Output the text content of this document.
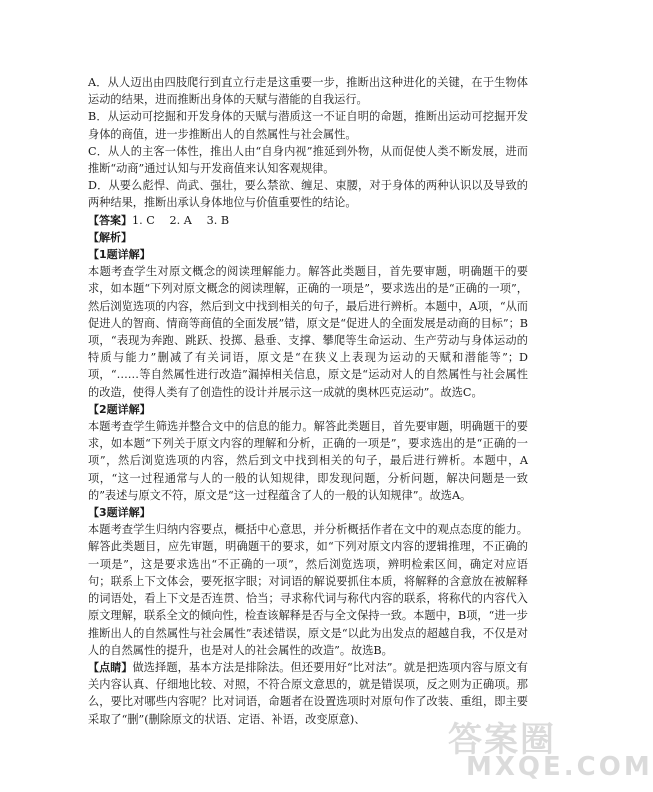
A．从人迈出由四肢爬行到直立行走是这重要一步，推断出这种进化的关键，在于生物体运动的结果，进而推断出身体的天赋与潜能的自我运行。

B．从运动可挖掘和开发身体的天赋与潜质这一不证自明的命题，推断出运动可挖掘开发身体的商值，进一步推断出人的自然属性与社会属性。

C．从人的主客一体性，推出人由“自身内视”推延到外物，从而促使人类不断发展，进而推断“动商”通过认知与开发商值来认知客观规律。

D．从要么彪悍、尚武、强壮，要么禁欲、缠足、束腰，对于身体的两种认识以及导致的两种结果，推断出承认身体地位与价值重要性的结论。

【答案】1. C　 2. A　 3. B

【解析】

【1题详解】

本题考查学生对原文概念的阅读理解能力。解答此类题目，首先要审题，明确题干的要求，如本题“下列对原文概念的阅读理解，正确的一项是”，要求选出的是“正确的一项”，然后浏览选项的内容，然后到文中找到相关的句子，最后进行辨析。本题中，A项，“从而促进人的智商、情商等商值的全面发展”错，原文是“促进人的全面发展是动商的目标”；B项，“表现为奔跑、跳跃、投掷、悬垂、支撑、攀爬等生命运动、生产劳动与身体运动的特质与能力”删减了有关词语，原文是“在狭义上表现为运动的天赋和潜能等”；D项，“……等自然属性进行改造”漏掉相关信息，原文是“运动对人的自然属性与社会属性的改造，使得人类有了创造性的设计并展示这一成就的奥林匹克运动”。故选C。

【2题详解】

本题考查学生筛选并整合文中的信息的能力。解答此类题目，首先要审题，明确题干的要求，如本题“下列关于原文内容的理解和分析，正确的一项是”，要求选出的是“正确的一项”，然后浏览选项的内容，然后到文中找到相关的句子，最后进行辨析。本题中，A项，“这一过程通常与人的一般的认知规律，即发现问题，分析问题，解决问题是一致的”表述与原文不符，原文是“这一过程蕴含了人的一般的认知规律”。故选A。

【3题详解】

本题考查学生归纳内容要点，概括中心意思，并分析概括作者在文中的观点态度的能力。解答此类题目，应先审题，明确题干的要求，如“下列对原文内容的逻辑推理，不正确的一项是”，这是要求选出“不正确的一项”，然后浏览选项，辨明检索区间，确定对应语句；联系上下文体会，要死抠字眼；对词语的解说要抓住本质，将解释的含意放在被解释的词语处，看上下文是否连贯、恰当；寻求称代词与称代内容的联系，将称代的内容代入原文理解，联系全文的倾向性，检查该解释是否与全文保持一致。本题中，B项，“进一步推断出人的自然属性与社会属性”表述错误，原文是“以此为出发点的超越自我，不仅是对人的自然属性的提升，也是对人的社会属性的改造”。故选B。

【点睛】做选择题，基本方法是排除法。但还要用好“比对法”。就是把选项内容与原文有关内容认真、仔细地比较、对照，不符合原文意思的，就是错误项，反之则为正确项。那么，要比对哪些内容呢？比对词语，命题者在设置选项时对原句作了改装、重组，即主要采取了“删”(删除原文的状语、定语、补语，改变原意)、

答案圈
MXQE.COM
